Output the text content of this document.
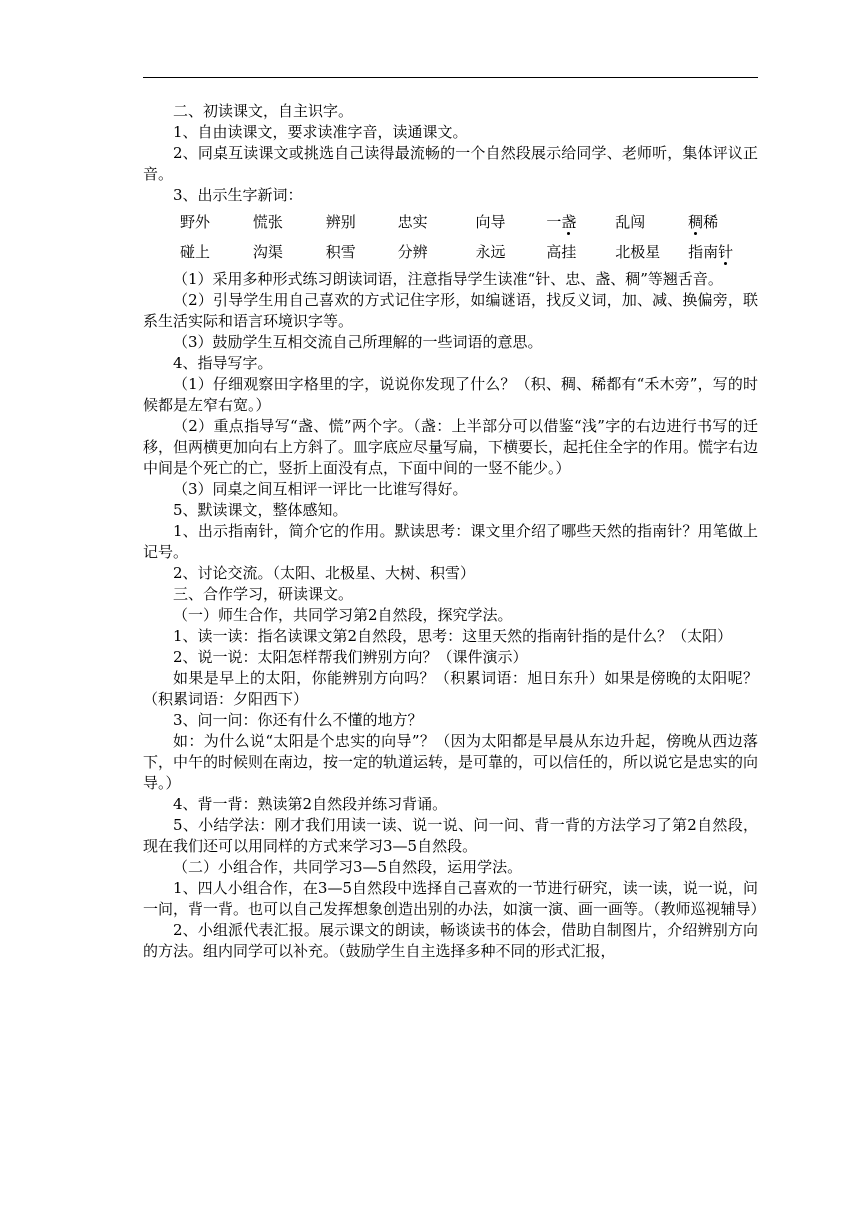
二、初读课文，自主识字。

1、自由读课文，要求读准字音，读通课文。

2、同桌互读课文或挑选自己读得最流畅的一个自然段展示给同学、老师听，集体评议正音。

3、出示生字新词：

野外	慌张	辨别	忠实	向导	一盏	乱闯	稠稀
碰上	沟渠	积雪	分辨	永远	高挂	北极星	指南针

（1）采用多种形式练习朗读词语，注意指导学生读准“针、忠、盏、稠”等翘舌音。

（2）引导学生用自己喜欢的方式记住字形，如编谜语，找反义词，加、减、换偏旁，联系生活实际和语言环境识字等。

（3）鼓励学生互相交流自己所理解的一些词语的意思。

4、指导写字。

（1）仔细观察田字格里的字，说说你发现了什么？（积、稠、稀都有“禾木旁”，写的时候都是左窄右宽。）

（2）重点指导写“盏、慌”两个字。（盏：上半部分可以借鉴“浅”字的右边进行书写的迁移，但两横更加向右上方斜了。皿字底应尽量写扁，下横要长，起托住全字的作用。慌字右边中间是个死亡的亡，竖折上面没有点，下面中间的一竖不能少。）

（3）同桌之间互相评一评比一比谁写得好。

5、默读课文，整体感知。

1、出示指南针，简介它的作用。默读思考：课文里介绍了哪些天然的指南针？用笔做上记号。

2、讨论交流。（太阳、北极星、大树、积雪）

三、合作学习，研读课文。

（一）师生合作，共同学习第2自然段，探究学法。

1、读一读：指名读课文第2自然段，思考：这里天然的指南针指的是什么？（太阳）

2、说一说：太阳怎样帮我们辨别方向？（课件演示）

如果是早上的太阳，你能辨别方向吗？（积累词语：旭日东升）如果是傍晚的太阳呢？（积累词语：夕阳西下）

3、问一问：你还有什么不懂的地方？

如：为什么说“太阳是个忠实的向导”？（因为太阳都是早晨从东边升起，傍晚从西边落下，中午的时候则在南边，按一定的轨道运转，是可靠的，可以信任的，所以说它是忠实的向导。）

4、背一背：熟读第2自然段并练习背诵。

5、小结学法：刚才我们用读一读、说一说、问一问、背一背的方法学习了第2自然段，现在我们还可以用同样的方式来学习3—5自然段。

（二）小组合作，共同学习3—5自然段，运用学法。

1、四人小组合作，在3—5自然段中选择自己喜欢的一节进行研究，读一读，说一说，问一问，背一背。也可以自己发挥想象创造出别的办法，如演一演、画一画等。（教师巡视辅导）

2、小组派代表汇报。展示课文的朗读，畅谈读书的体会，借助自制图片，介绍辨别方向的方法。组内同学可以补充。（鼓励学生自主选择多种不同的形式汇报，
